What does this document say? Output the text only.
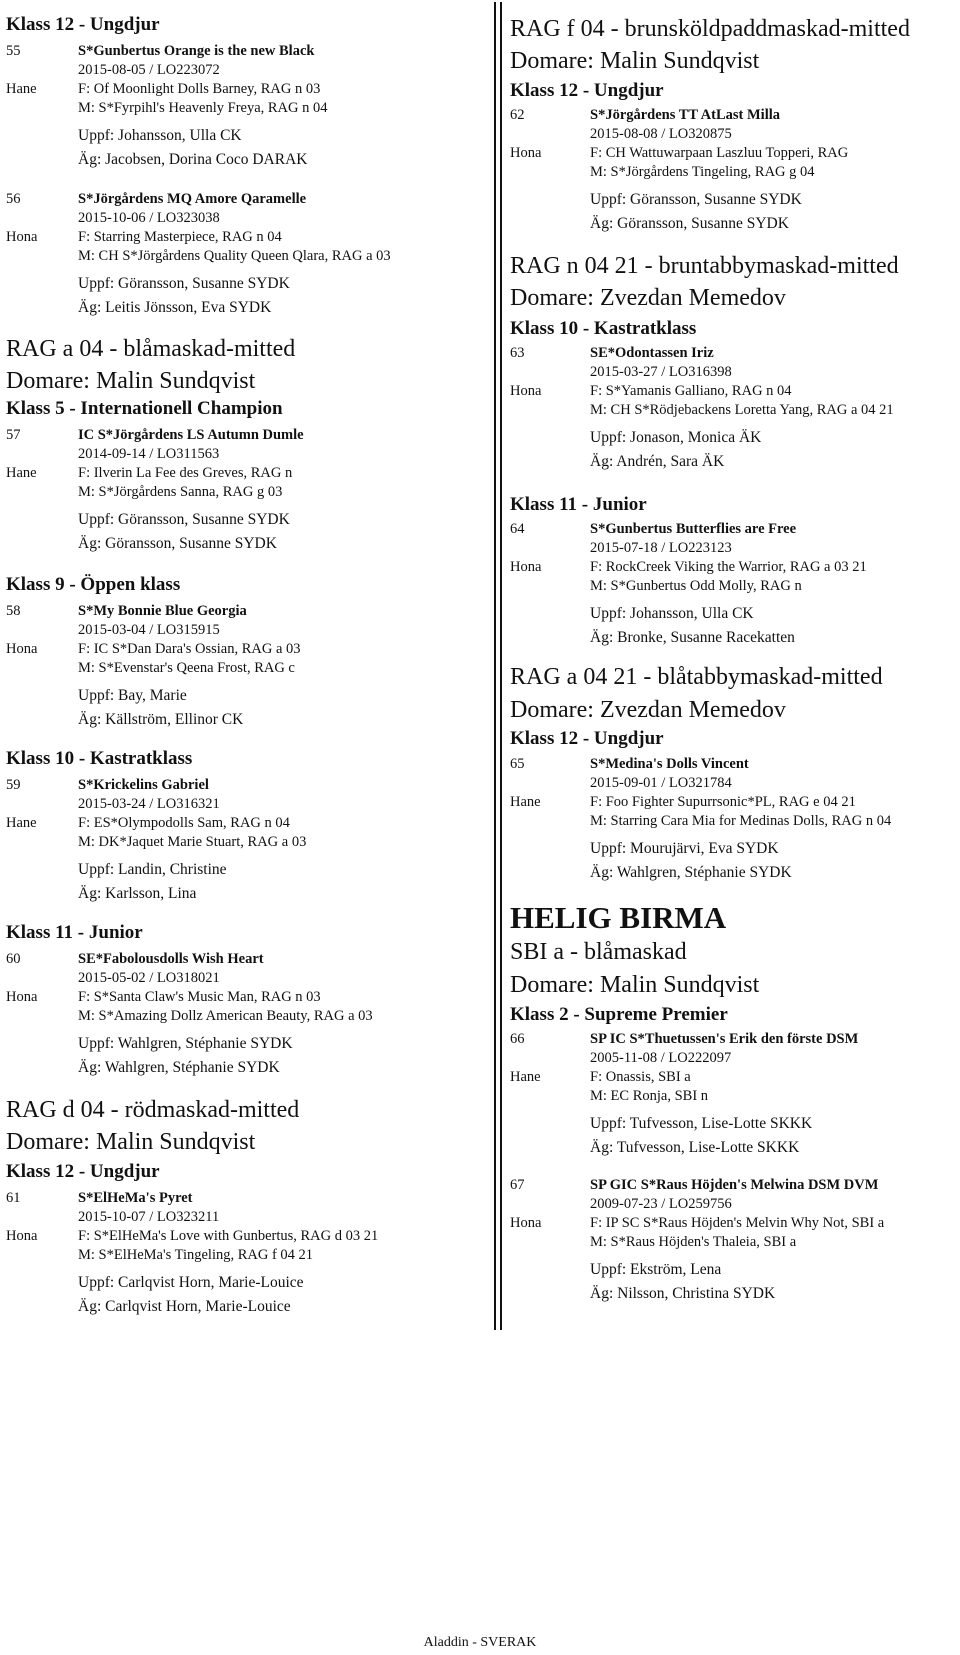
Klass 12 - Ungdjur
55	S*Gunbertus Orange is the new Black
2015-08-05 / LO223072
Hane	F: Of Moonlight Dolls Barney, RAG n 03
M: S*Fyrpihl's Heavenly Freya, RAG n 04
Uppf: Johansson, Ulla CK
Äg: Jacobsen, Dorina Coco DARAK
56	S*Jörgårdens MQ Amore Qaramelle
2015-10-06 / LO323038
Hona	F: Starring Masterpiece, RAG n 04
M: CH S*Jörgårdens Quality Queen Qlara, RAG a 03
Uppf: Göransson, Susanne SYDK
Äg: Leitis Jönsson, Eva SYDK
RAG a 04 - blåmaskad-mitted
Domare: Malin Sundqvist
Klass 5 - Internationell Champion
57	IC S*Jörgårdens LS Autumn Dumle
2014-09-14 / LO311563
Hane	F: Ilverin La Fee des Greves, RAG n
M: S*Jörgårdens Sanna, RAG g 03
Uppf: Göransson, Susanne SYDK
Äg: Göransson, Susanne SYDK
Klass 9 - Öppen klass
58	S*My Bonnie Blue Georgia
2015-03-04 / LO315915
Hona	F: IC S*Dan Dara's Ossian, RAG a 03
M: S*Evenstar's Qeena Frost, RAG c
Uppf: Bay, Marie
Äg: Källström, Ellinor CK
Klass 10 - Kastratklass
59	S*Krickelins Gabriel
2015-03-24 / LO316321
Hane	F: ES*Olympodolls Sam, RAG n 04
M: DK*Jaquet Marie Stuart, RAG a 03
Uppf: Landin, Christine
Äg: Karlsson, Lina
Klass 11 - Junior
60	SE*Fabolousdolls Wish Heart
2015-05-02 / LO318021
Hona	F: S*Santa Claw's Music Man, RAG n 03
M: S*Amazing Dollz American Beauty, RAG a 03
Uppf: Wahlgren, Stéphanie SYDK
Äg: Wahlgren, Stéphanie SYDK
RAG d 04 - rödmaskad-mitted
Domare: Malin Sundqvist
Klass 12 - Ungdjur
61	S*ElHeMa's Pyret
2015-10-07 / LO323211
Hona	F: S*ElHeMa's Love with Gunbertus, RAG d 03 21
M: S*ElHeMa's Tingeling, RAG f 04 21
Uppf: Carlqvist Horn, Marie-Louice
Äg: Carlqvist Horn, Marie-Louice
RAG f 04 - brunsköldpaddmaskad-mitted
Domare: Malin Sundqvist
Klass 12 - Ungdjur
62	S*Jörgårdens TT AtLast Milla
2015-08-08 / LO320875
Hona	F: CH Wattuwarpaan Laszluu Topperi, RAG
M: S*Jörgårdens Tingeling, RAG g 04
Uppf: Göransson, Susanne SYDK
Äg: Göransson, Susanne SYDK
RAG n 04 21 - bruntabbymaskad-mitted
Domare: Zvezdan Memedov
Klass 10 - Kastratklass
63	SE*Odontassen Iriz
2015-03-27 / LO316398
Hona	F: S*Yamanis Galliano, RAG n 04
M: CH S*Rödjebackens Loretta Yang, RAG a 04 21
Uppf: Jonason, Monica ÄK
Äg: Andrén, Sara ÄK
Klass 11 - Junior
64	S*Gunbertus Butterflies are Free
2015-07-18 / LO223123
Hona	F: RockCreek Viking the Warrior, RAG a 03 21
M: S*Gunbertus Odd Molly, RAG n
Uppf: Johansson, Ulla CK
Äg: Bronke, Susanne Racekatten
RAG a 04 21 - blåtabbymaskad-mitted
Domare: Zvezdan Memedov
Klass 12 - Ungdjur
65	S*Medina's Dolls Vincent
2015-09-01 / LO321784
Hane	F: Foo Fighter Supurrsonic*PL, RAG e 04 21
M: Starring Cara Mia for Medinas Dolls, RAG n 04
Uppf: Mourujärvi, Eva SYDK
Äg: Wahlgren, Stéphanie SYDK
HELIG BIRMA
SBI a - blåmaskad
Domare: Malin Sundqvist
Klass 2 - Supreme Premier
66	SP IC S*Thuetussen's Erik den förste DSM
2005-11-08 / LO222097
Hane	F: Onassis, SBI a
M: EC Ronja, SBI n
Uppf: Tufvesson, Lise-Lotte SKKK
Äg: Tufvesson, Lise-Lotte SKKK
67	SP GIC S*Raus Höjden's Melwina DSM DVM
2009-07-23 / LO259756
Hona	F: IP SC S*Raus Höjden's Melvin Why Not, SBI a
M: S*Raus Höjden's Thaleia, SBI a
Uppf: Ekström, Lena
Äg: Nilsson, Christina SYDK
Aladdin - SVERAK
